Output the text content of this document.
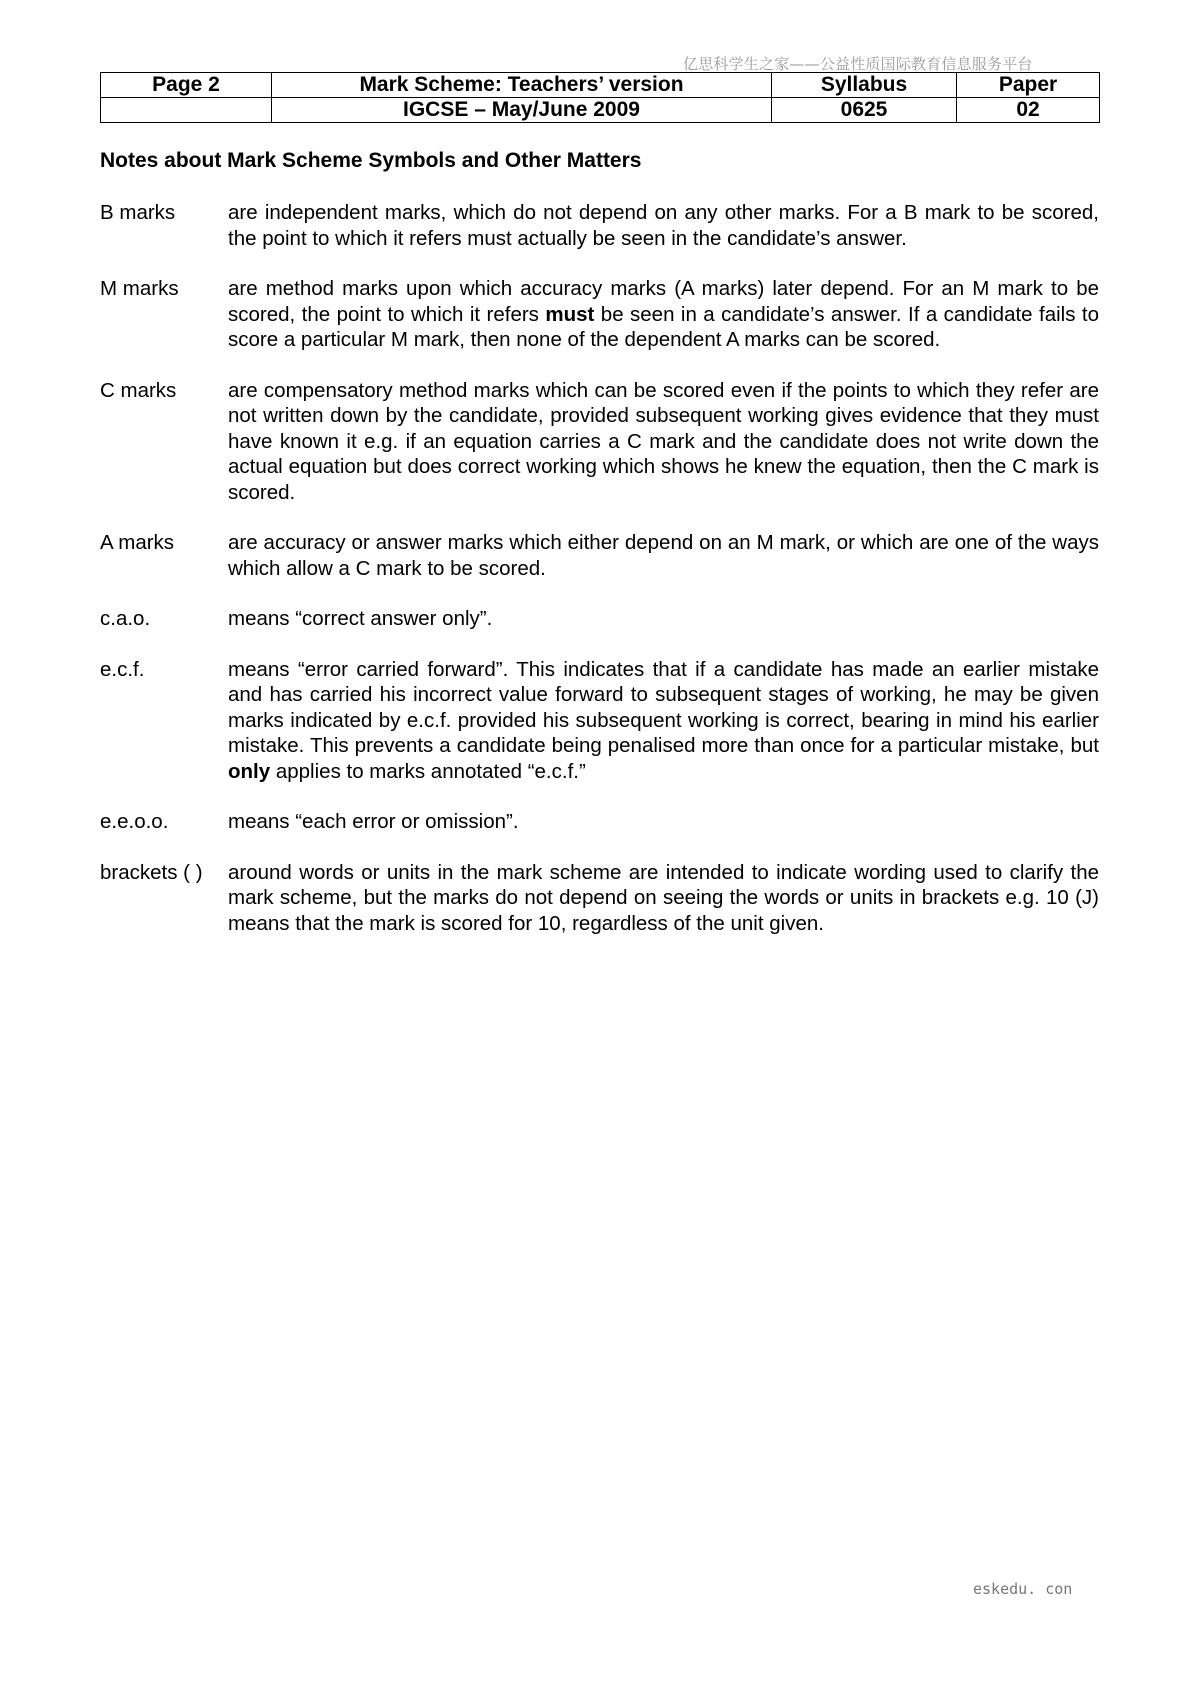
亿思科学生之家——公益性质国际教育信息服务平台
Page 2	Mark Scheme: Teachers’ version	Syllabus	Paper
	IGCSE – May/June 2009	0625	02
Notes about Mark Scheme Symbols and Other Matters
B marks	are independent marks, which do not depend on any other marks. For a B mark to be scored, the point to which it refers must actually be seen in the candidate’s answer.
M marks	are method marks upon which accuracy marks (A marks) later depend. For an M mark to be scored, the point to which it refers must be seen in a candidate’s answer. If a candidate fails to score a particular M mark, then none of the dependent A marks can be scored.
C marks	are compensatory method marks which can be scored even if the points to which they refer are not written down by the candidate, provided subsequent working gives evidence that they must have known it e.g. if an equation carries a C mark and the candidate does not write down the actual equation but does correct working which shows he knew the equation, then the C mark is scored.
A marks	are accuracy or answer marks which either depend on an M mark, or which are one of the ways which allow a C mark to be scored.
c.a.o.	means “correct answer only”.
e.c.f.	means “error carried forward”. This indicates that if a candidate has made an earlier mistake and has carried his incorrect value forward to subsequent stages of working, he may be given marks indicated by e.c.f. provided his subsequent working is correct, bearing in mind his earlier mistake. This prevents a candidate being penalised more than once for a particular mistake, but only applies to marks annotated “e.c.f.”
e.e.o.o.	means “each error or omission”.
brackets ( )	around words or units in the mark scheme are intended to indicate wording used to clarify the mark scheme, but the marks do not depend on seeing the words or units in brackets e.g. 10 (J) means that the mark is scored for 10, regardless of the unit given.
eskedu. con
